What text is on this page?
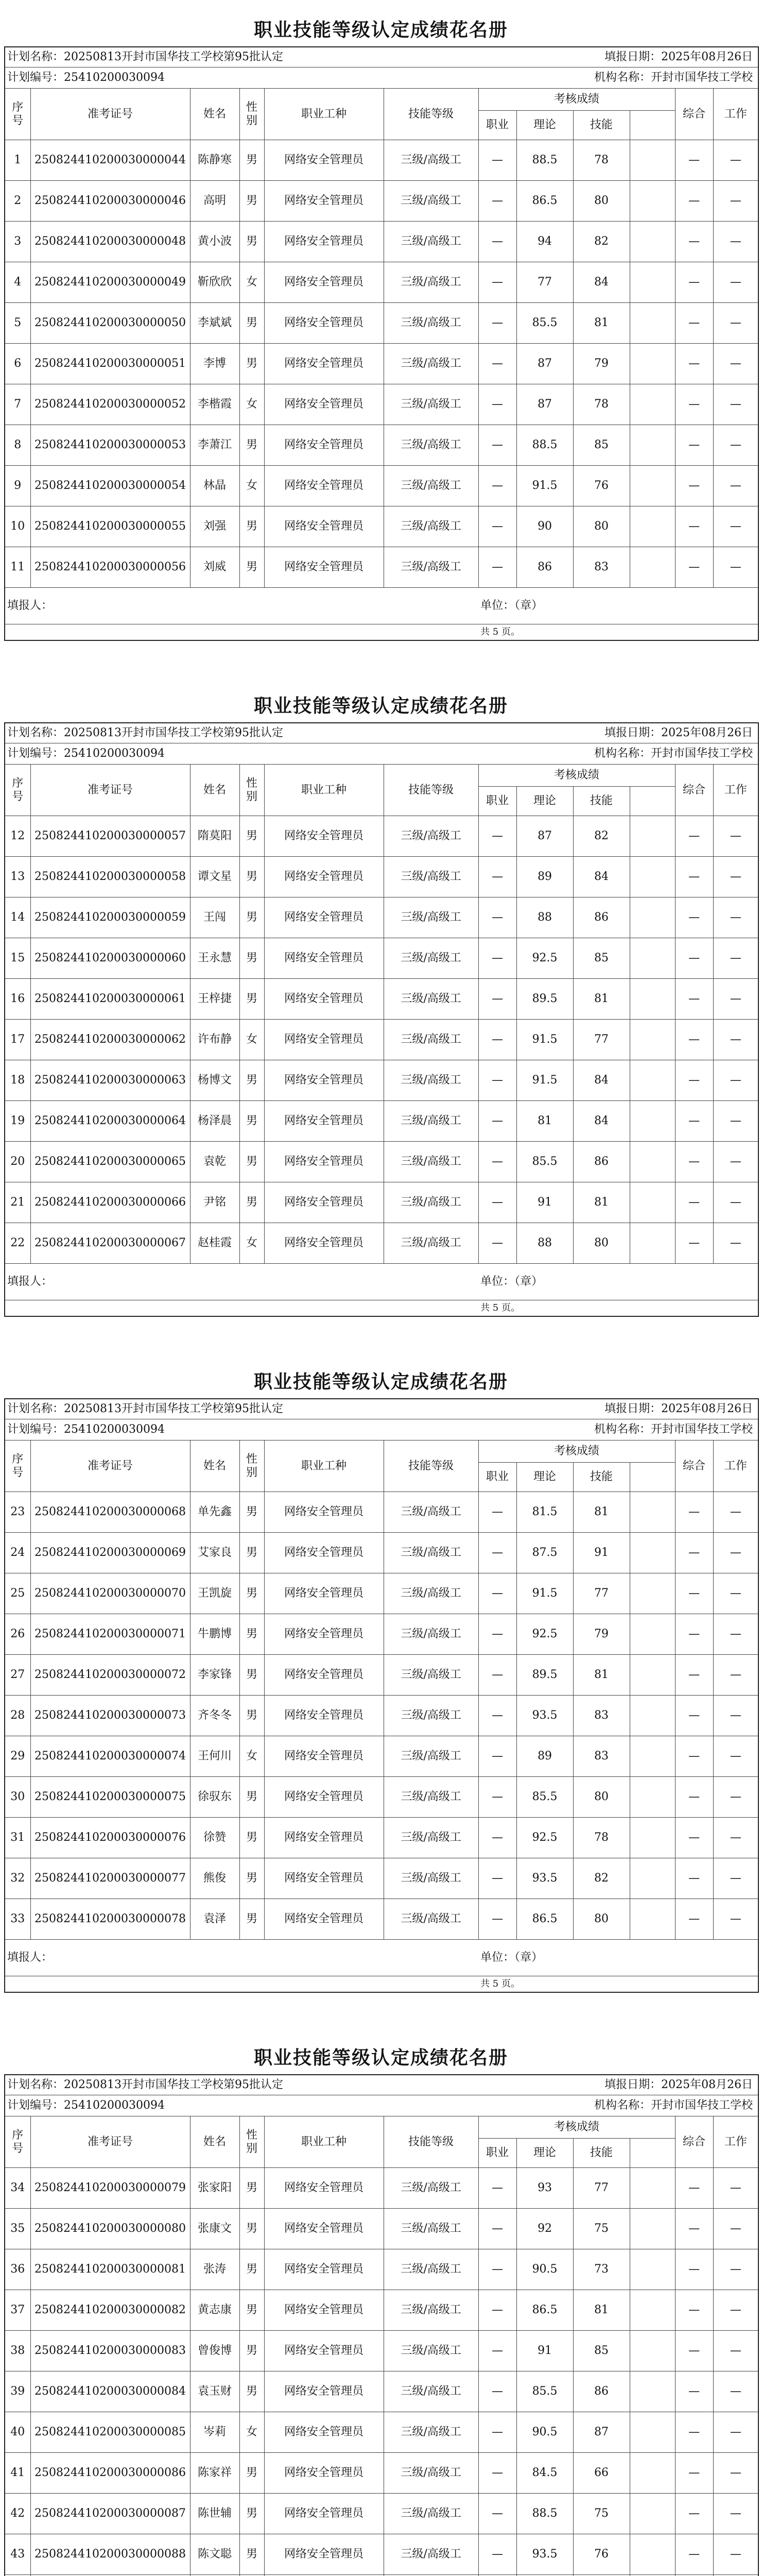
职业技能等级认定成绩花名册
计划名称：20250813开封市国华技工学校第95批认定					填报日期：2025年08月26日						
计划编号：25410200030094					机构名称：开封市国华技工学校						
序号	准考证号	姓名	性别	职业工种	技能等级	考核成绩				综合	工作
						职业	理论	技能			
1	250824410200030000044	陈静寒	男	网络安全管理员	三级/高级工	—	88.5	78		—	—
2	250824410200030000046	高明	男	网络安全管理员	三级/高级工	—	86.5	80		—	—
3	250824410200030000048	黄小波	男	网络安全管理员	三级/高级工	—	94	82		—	—
4	250824410200030000049	靳欣欣	女	网络安全管理员	三级/高级工	—	77	84		—	—
5	250824410200030000050	李斌斌	男	网络安全管理员	三级/高级工	—	85.5	81		—	—
6	250824410200030000051	李博	男	网络安全管理员	三级/高级工	—	87	79		—	—
7	250824410200030000052	李楷霞	女	网络安全管理员	三级/高级工	—	87	78		—	—
8	250824410200030000053	李萧江	男	网络安全管理员	三级/高级工	—	88.5	85		—	—
9	250824410200030000054	林晶	女	网络安全管理员	三级/高级工	—	91.5	76		—	—
10	250824410200030000055	刘强	男	网络安全管理员	三级/高级工	—	90	80		—	—
11	250824410200030000056	刘威	男	网络安全管理员	三级/高级工	—	86	83		—	—
填报人：						单位：（章）					
						共 5 页。					
职业技能等级认定成绩花名册
计划名称：20250813开封市国华技工学校第95批认定					填报日期：2025年08月26日						
计划编号：25410200030094					机构名称：开封市国华技工学校						
序号	准考证号	姓名	性别	职业工种	技能等级	考核成绩				综合	工作
						职业	理论	技能			
12	250824410200030000057	隋莫阳	男	网络安全管理员	三级/高级工	—	87	82		—	—
13	250824410200030000058	谭文星	男	网络安全管理员	三级/高级工	—	89	84		—	—
14	250824410200030000059	王闯	男	网络安全管理员	三级/高级工	—	88	86		—	—
15	250824410200030000060	王永慧	男	网络安全管理员	三级/高级工	—	92.5	85		—	—
16	250824410200030000061	王梓捷	男	网络安全管理员	三级/高级工	—	89.5	81		—	—
17	250824410200030000062	许布静	女	网络安全管理员	三级/高级工	—	91.5	77		—	—
18	250824410200030000063	杨博文	男	网络安全管理员	三级/高级工	—	91.5	84		—	—
19	250824410200030000064	杨泽晨	男	网络安全管理员	三级/高级工	—	81	84		—	—
20	250824410200030000065	袁乾	男	网络安全管理员	三级/高级工	—	85.5	86		—	—
21	250824410200030000066	尹铭	男	网络安全管理员	三级/高级工	—	91	81		—	—
22	250824410200030000067	赵桂霞	女	网络安全管理员	三级/高级工	—	88	80		—	—
填报人：						单位：（章）					
						共 5 页。					
职业技能等级认定成绩花名册
计划名称：20250813开封市国华技工学校第95批认定					填报日期：2025年08月26日						
计划编号：25410200030094					机构名称：开封市国华技工学校						
序号	准考证号	姓名	性别	职业工种	技能等级	考核成绩				综合	工作
						职业	理论	技能			
23	250824410200030000068	单先鑫	男	网络安全管理员	三级/高级工	—	81.5	81		—	—
24	250824410200030000069	艾家良	男	网络安全管理员	三级/高级工	—	87.5	91		—	—
25	250824410200030000070	王凯旋	男	网络安全管理员	三级/高级工	—	91.5	77		—	—
26	250824410200030000071	牛鹏博	男	网络安全管理员	三级/高级工	—	92.5	79		—	—
27	250824410200030000072	李家锋	男	网络安全管理员	三级/高级工	—	89.5	81		—	—
28	250824410200030000073	齐冬冬	男	网络安全管理员	三级/高级工	—	93.5	83		—	—
29	250824410200030000074	王何川	女	网络安全管理员	三级/高级工	—	89	83		—	—
30	250824410200030000075	徐驭东	男	网络安全管理员	三级/高级工	—	85.5	80		—	—
31	250824410200030000076	徐赞	男	网络安全管理员	三级/高级工	—	92.5	78		—	—
32	250824410200030000077	熊俊	男	网络安全管理员	三级/高级工	—	93.5	82		—	—
33	250824410200030000078	袁泽	男	网络安全管理员	三级/高级工	—	86.5	80		—	—
填报人：						单位：（章）					
						共 5 页。					
职业技能等级认定成绩花名册
计划名称：20250813开封市国华技工学校第95批认定					填报日期：2025年08月26日						
计划编号：25410200030094					机构名称：开封市国华技工学校						
序号	准考证号	姓名	性别	职业工种	技能等级	考核成绩				综合	工作
						职业	理论	技能			
34	250824410200030000079	张家阳	男	网络安全管理员	三级/高级工	—	93	77		—	—
35	250824410200030000080	张康文	男	网络安全管理员	三级/高级工	—	92	75		—	—
36	250824410200030000081	张涛	男	网络安全管理员	三级/高级工	—	90.5	73		—	—
37	250824410200030000082	黄志康	男	网络安全管理员	三级/高级工	—	86.5	81		—	—
38	250824410200030000083	曾俊博	男	网络安全管理员	三级/高级工	—	91	85		—	—
39	250824410200030000084	袁玉财	男	网络安全管理员	三级/高级工	—	85.5	86		—	—
40	250824410200030000085	岑莉	女	网络安全管理员	三级/高级工	—	90.5	87		—	—
41	250824410200030000086	陈家祥	男	网络安全管理员	三级/高级工	—	84.5	66		—	—
42	250824410200030000087	陈世辅	男	网络安全管理员	三级/高级工	—	88.5	75		—	—
43	250824410200030000088	陈文聪	男	网络安全管理员	三级/高级工	—	93.5	76		—	—
